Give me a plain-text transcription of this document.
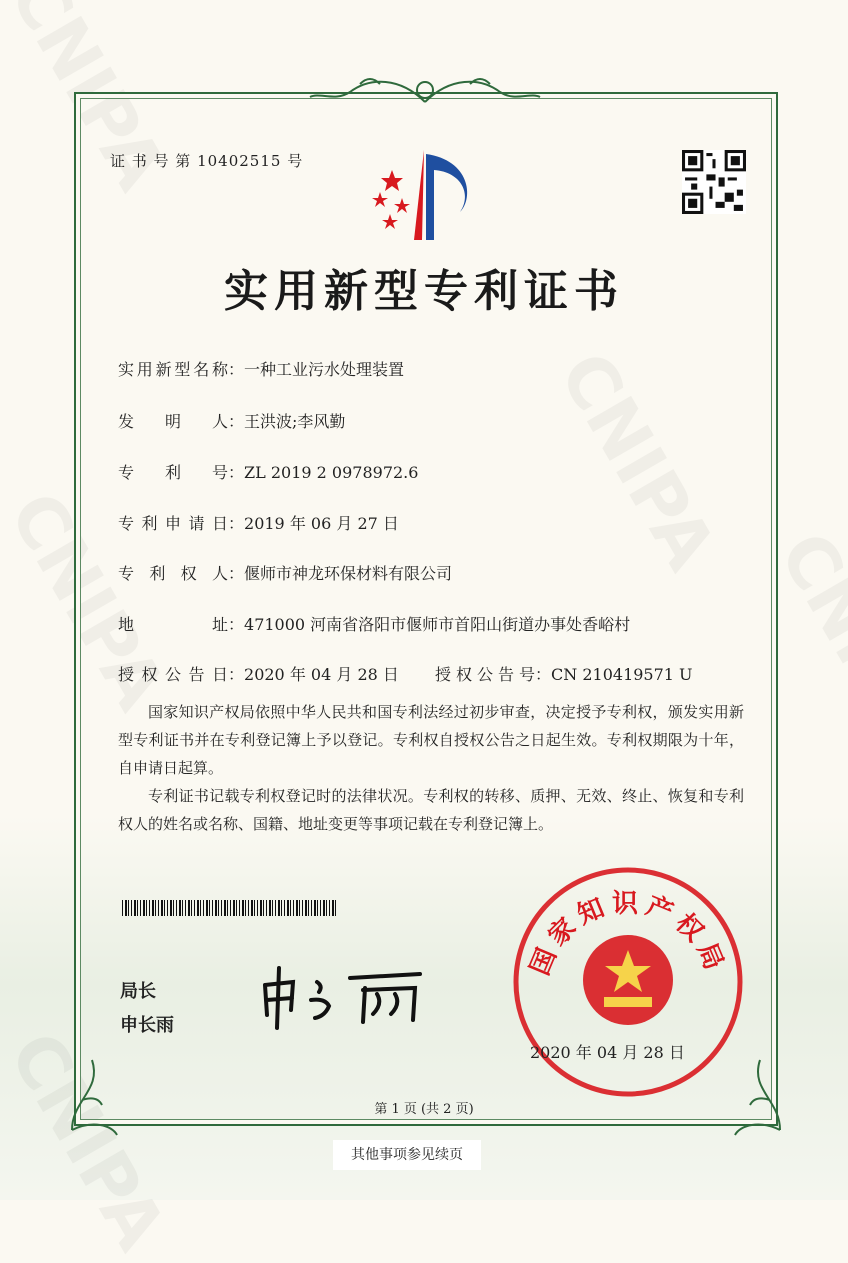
证 书 号 第 10402515 号
实用新型专利证书
实用新型名称：一种工业污水处理装置
发明人：王洪波;李风勤
专利号：ZL 2019 2 0978972.6
专利申请日：2019 年 06 月 27 日
专利权人：偃师市神龙环保材料有限公司
地址：471000 河南省洛阳市偃师市首阳山街道办事处香峪村
授权公告日：2020 年 04 月 28 日 授权公告号：CN 210419571 U

国家知识产权局依照中华人民共和国专利法经过初步审查，决定授予专利权，颁发实用新型专利证书并在专利登记簿上予以登记。专利权自授权公告之日起生效。专利权期限为十年，自申请日起算。

专利证书记载专利权登记时的法律状况。专利权的转移、质押、无效、终止、恢复和专利权人的姓名或名称、国籍、地址变更等事项记载在专利登记簿上。

局长
申长雨
国家知识产权局
2020 年 04 月 28 日
第 1 页 (共 2 页)
其他事项参见续页
